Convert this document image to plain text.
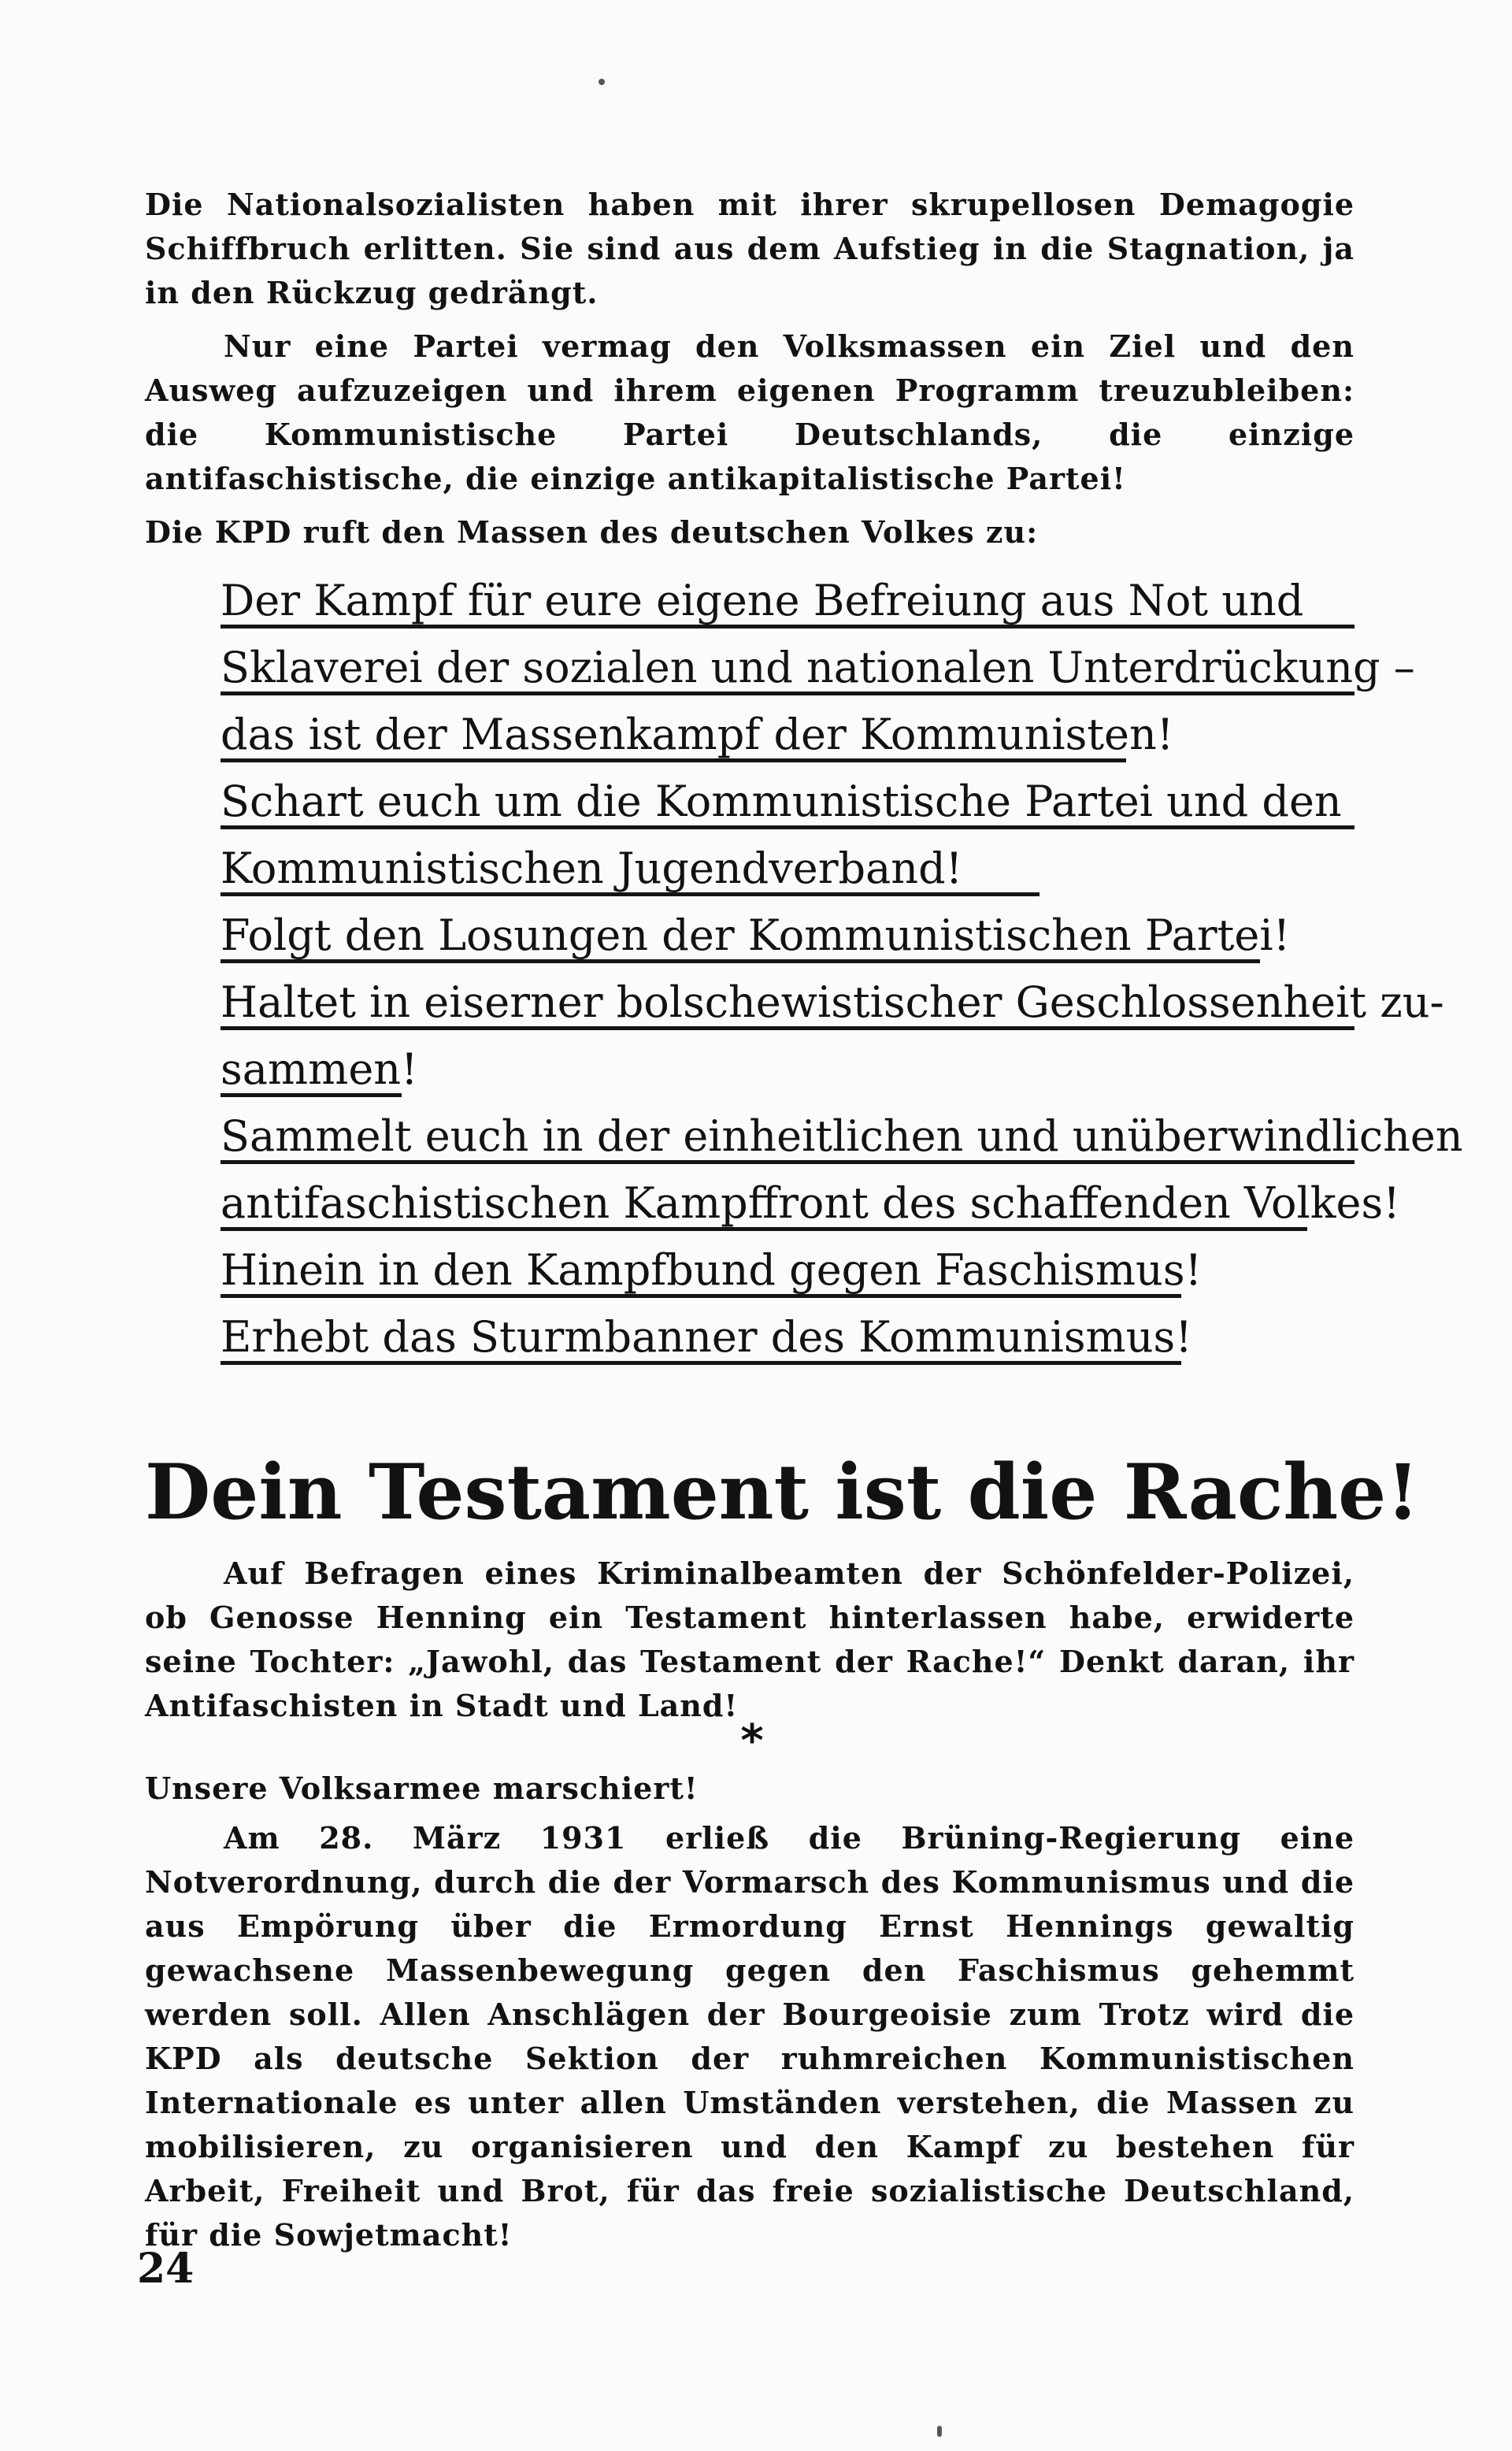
Die Nationalsozialisten haben mit ihrer skrupellosen Demagogie Schiffbruch erlitten. Sie sind aus dem Aufstieg in die Stagnation, ja in den Rückzug gedrängt.
Nur eine Partei vermag den Volksmassen ein Ziel und den Ausweg aufzuzeigen und ihrem eigenen Programm treuzubleiben: die Kommunistische Partei Deutschlands, die einzige antifaschistische, die einzige antikapitalistische Partei!
Die KPD ruft den Massen des deutschen Volkes zu:
Der Kampf für eure eigene Befreiung aus Not und
Sklaverei der sozialen und nationalen Unterdrückung –
das ist der Massenkampf der Kommunisten!
Schart euch um die Kommunistische Partei und den
Kommunistischen Jugendverband!
Folgt den Losungen der Kommunistischen Partei!
Haltet in eiserner bolschewistischer Geschlossenheit zu-
sammen!
Sammelt euch in der einheitlichen und unüberwindlichen
antifaschistischen Kampffront des schaffenden Volkes!
Hinein in den Kampfbund gegen Faschismus!
Erhebt das Sturmbanner des Kommunismus!
Dein Testament ist die Rache!
Auf Befragen eines Kriminalbeamten der Schönfelder-Polizei, ob Genosse Henning ein Testament hinterlassen habe, erwiderte seine Tochter: „Jawohl, das Testament der Rache!“ Denkt daran, ihr Antifaschisten in Stadt und Land!
*
Unsere Volksarmee marschiert!
Am 28. März 1931 erließ die Brüning-Regierung eine Notverordnung, durch die der Vormarsch des Kommunismus und die aus Empörung über die Ermordung Ernst Hennings gewaltig gewachsene Massenbewegung gegen den Faschismus gehemmt werden soll. Allen Anschlägen der Bourgeoisie zum Trotz wird die KPD als deutsche Sektion der ruhmreichen Kommunistischen Internationale es unter allen Umständen verstehen, die Massen zu mobilisieren, zu organisieren und den Kampf zu bestehen für Arbeit, Freiheit und Brot, für das freie sozialistische Deutschland, für die Sowjetmacht!
24
